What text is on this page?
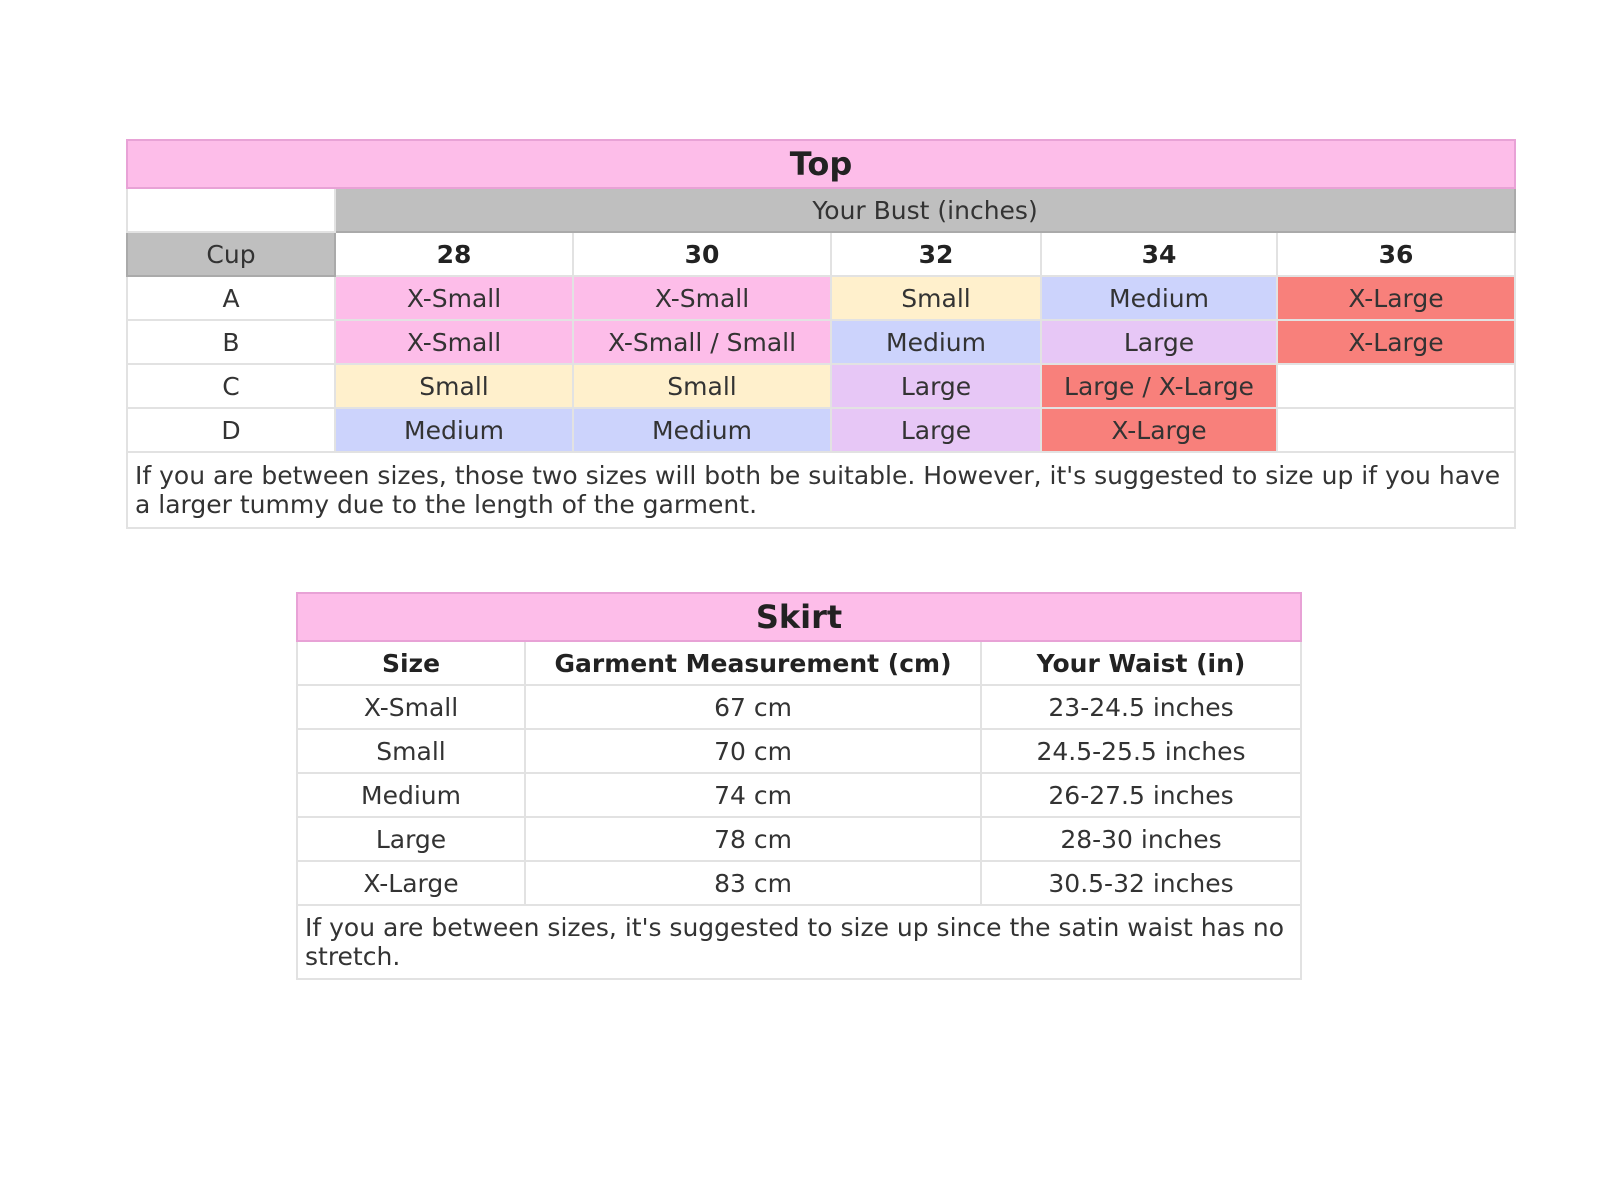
Top					
	Your Bust (inches)				
Cup	28	30	32	34	36
A	X-Small	X-Small	Small	Medium	X-Large
B	X-Small	X-Small / Small	Medium	Large	X-Large
C	Small	Small	Large	Large / X-Large	
D	Medium	Medium	Large	X-Large	
If you are between sizes, those two sizes will both be suitable. However, it's suggested to size up if you have a larger tummy due to the length of the garment.					
Skirt		
Size	Garment Measurement (cm)	Your Waist (in)
X-Small	67 cm	23-24.5 inches
Small	70 cm	24.5-25.5 inches
Medium	74 cm	26-27.5 inches
Large	78 cm	28-30 inches
X-Large	83 cm	30.5-32 inches
If you are between sizes, it's suggested to size up since the satin waist has no stretch.		
